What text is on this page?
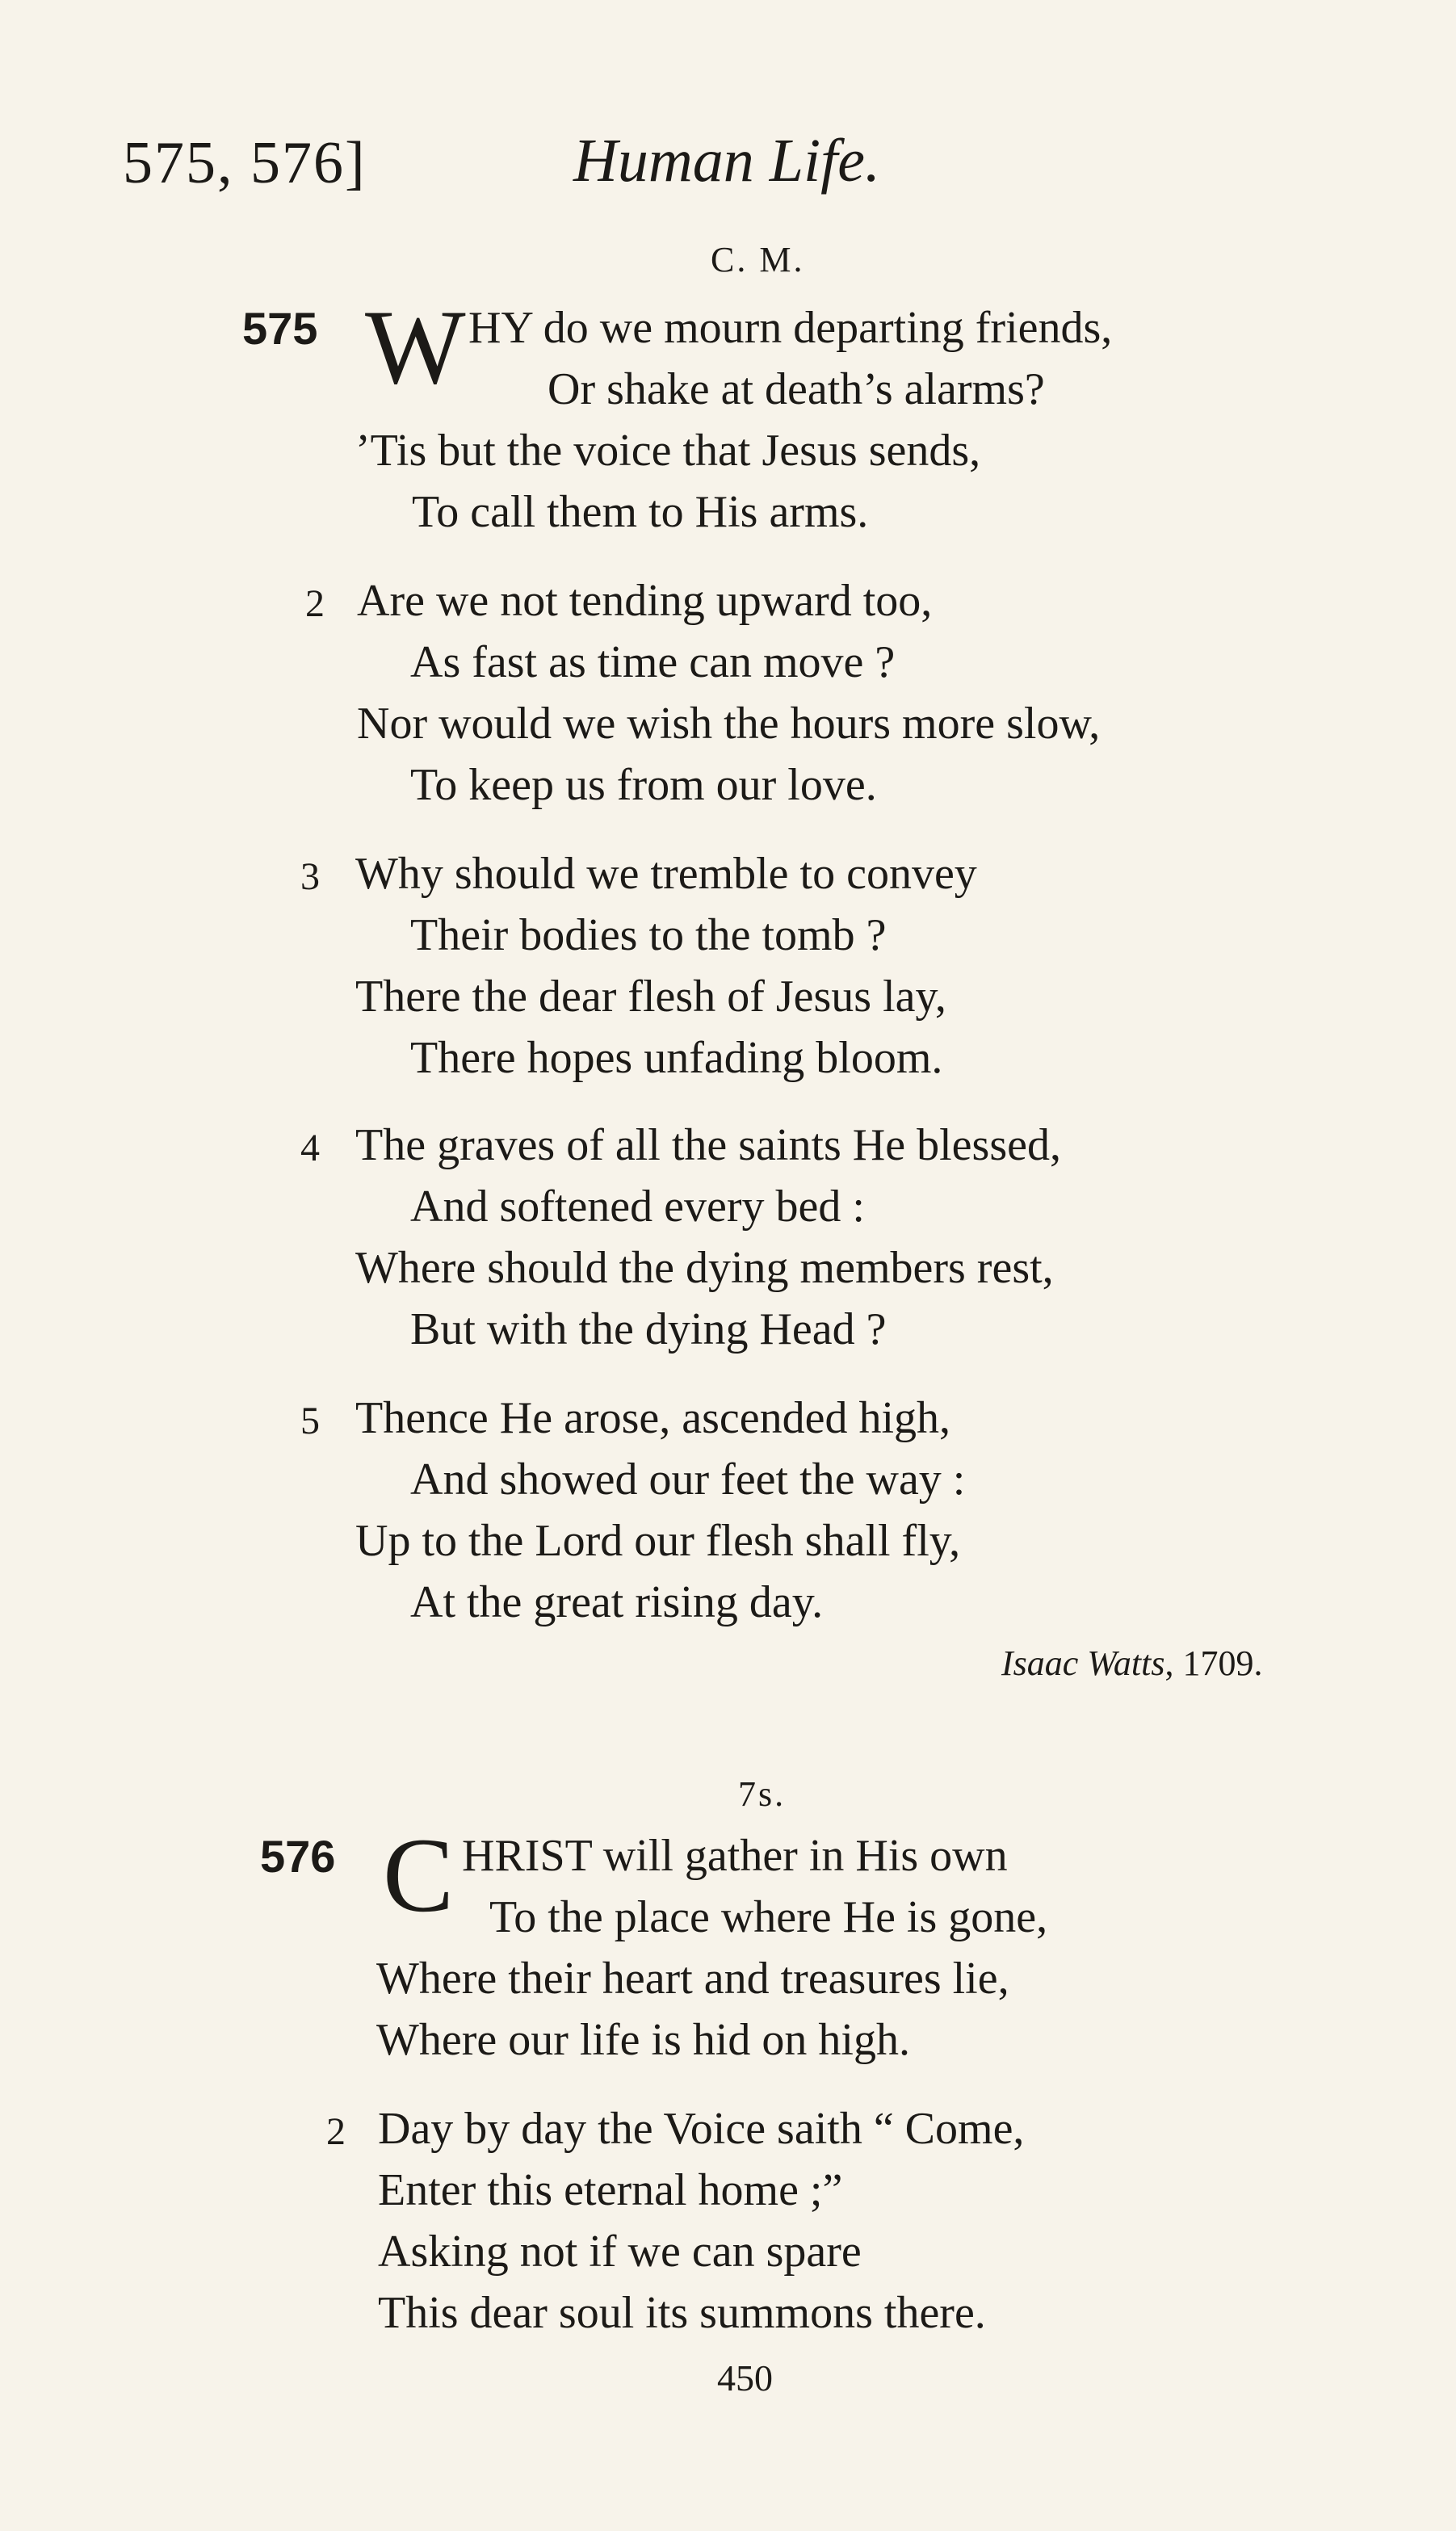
575, 576]	Human Life.
C. M.
575 W HY do we mourn departing friends,
Or shake at death’s alarms?
’Tis but the voice that Jesus sends,
To call them to His arms.
2 Are we not tending upward too,
As fast as time can move ?
Nor would we wish the hours more slow,
To keep us from our love.
3 Why should we tremble to convey
Their bodies to the tomb ?
There the dear flesh of Jesus lay,
There hopes unfading bloom.
4 The graves of all the saints He blessed,
And softened every bed :
Where should the dying members rest,
But with the dying Head ?
5 Thence He arose, ascended high,
And showed our feet the way :
Up to the Lord our flesh shall fly,
At the great rising day.
Isaac Watts, 1709.
7s.
576 C HRIST will gather in His own
To the place where He is gone,
Where their heart and treasures lie,
Where our life is hid on high.
2 Day by day the Voice saith “ Come,
Enter this eternal home ;”
Asking not if we can spare
This dear soul its summons there.
450
